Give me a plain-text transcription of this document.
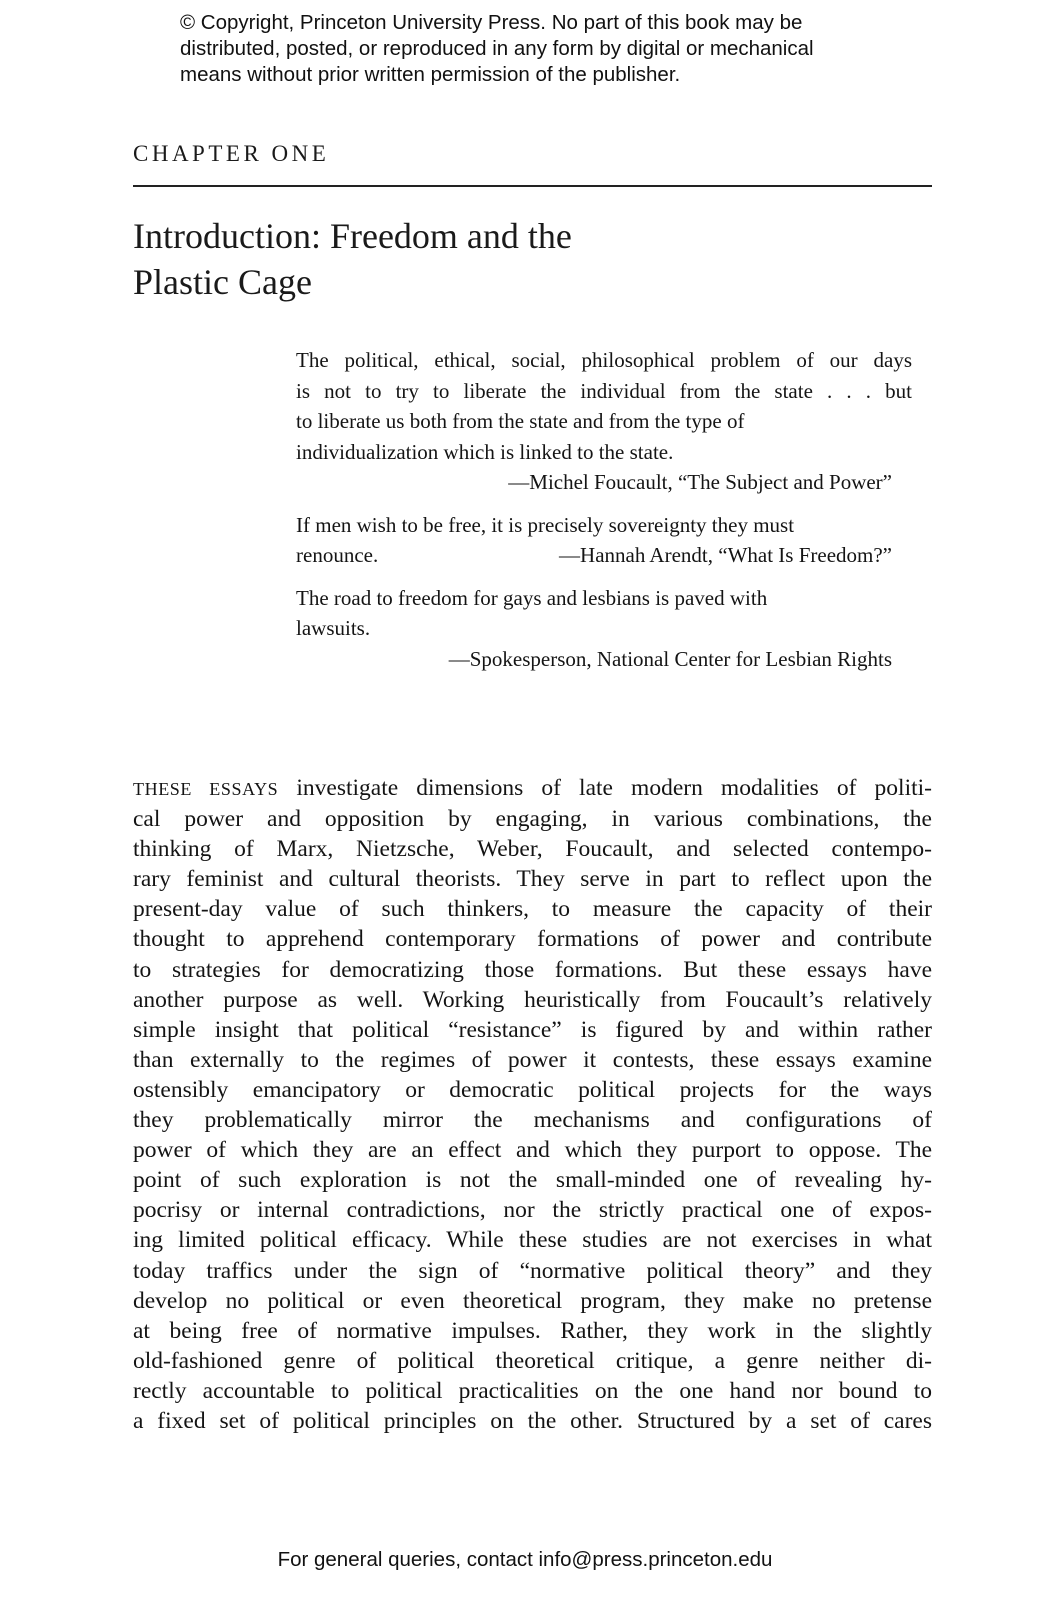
© Copyright, Princeton University Press. No part of this book may be
distributed, posted, or reproduced in any form by digital or mechanical
means without prior written permission of the publisher.
CHAPTER ONE
Introduction: Freedom and the
Plastic Cage
The political, ethical, social, philosophical problem of our days
is not to try to liberate the individual from the state . . . but
to liberate us both from the state and from the type of
individualization which is linked to the state.
—Michel Foucault, “The Subject and Power”
If men wish to be free, it is precisely sovereignty they must
renounce.	—Hannah Arendt, “What Is Freedom?”
The road to freedom for gays and lesbians is paved with
lawsuits.
—Spokesperson, National Center for Lesbian Rights
THESE ESSAYS investigate dimensions of late modern modalities of politi-
cal power and opposition by engaging, in various combinations, the
thinking of Marx, Nietzsche, Weber, Foucault, and selected contempo-
rary feminist and cultural theorists. They serve in part to reflect upon the
present-day value of such thinkers, to measure the capacity of their
thought to apprehend contemporary formations of power and contribute
to strategies for democratizing those formations. But these essays have
another purpose as well. Working heuristically from Foucault’s relatively
simple insight that political “resistance” is figured by and within rather
than externally to the regimes of power it contests, these essays examine
ostensibly emancipatory or democratic political projects for the ways
they problematically mirror the mechanisms and configurations of
power of which they are an effect and which they purport to oppose. The
point of such exploration is not the small-minded one of revealing hy-
pocrisy or internal contradictions, nor the strictly practical one of expos-
ing limited political efficacy. While these studies are not exercises in what
today traffics under the sign of “normative political theory” and they
develop no political or even theoretical program, they make no pretense
at being free of normative impulses. Rather, they work in the slightly
old-fashioned genre of political theoretical critique, a genre neither di-
rectly accountable to political practicalities on the one hand nor bound to
a fixed set of political principles on the other. Structured by a set of cares
For general queries, contact info@press.princeton.edu
